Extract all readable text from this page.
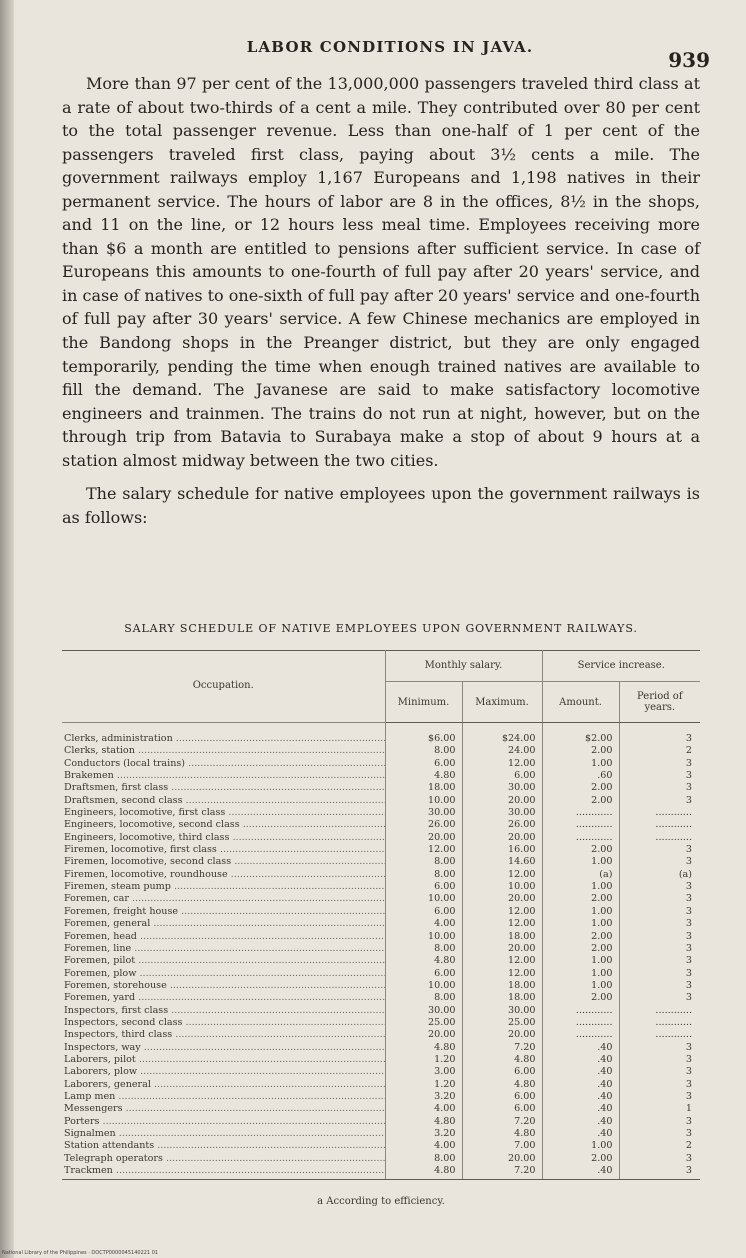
LABOR CONDITIONS IN JAVA.
939

More than 97 per cent of the 13,000,000 passengers traveled third class at a rate of about two-thirds of a cent a mile. They contributed over 80 per cent to the total passenger revenue. Less than one-half of 1 per cent of the passengers traveled first class, paying about 3½ cents a mile. The government railways employ 1,167 Europeans and 1,198 natives in their permanent service. The hours of labor are 8 in the offices, 8½ in the shops, and 11 on the line, or 12 hours less meal time. Employees receiving more than $6 a month are entitled to pensions after sufficient service. In case of Europeans this amounts to one-fourth of full pay after 20 years' service, and in case of natives to one-sixth of full pay after 20 years' service and one-fourth of full pay after 30 years' service. A few Chinese mechanics are employed in the Bandong shops in the Preanger district, but they are only engaged temporarily, pending the time when enough trained natives are available to fill the demand. The Javanese are said to make satisfactory locomotive engineers and trainmen. The trains do not run at night, however, but on the through trip from Batavia to Surabaya make a stop of about 9 hours at a station almost midway between the two cities.

The salary schedule for native employees upon the government railways is as follows:

SALARY SCHEDULE OF NATIVE EMPLOYEES UPON GOVERNMENT RAILWAYS.
Occupation.	Monthly salary.		Service increase.	
	Minimum.	Maximum.	Amount.	Period of years.
Clerks, administration .....	$6.00	$24.00	$2.00	3
Clerks, station .....	8.00	24.00	2.00	2
Conductors (local trains) .....	6.00	12.00	1.00	3
Brakemen .....	4.80	6.00	.60	3
Draftsmen, first class .....	18.00	30.00	2.00	3
Draftsmen, second class .....	10.00	20.00	2.00	3
Engineers, locomotive, first class .....	30.00	30.00	............	............
Engineers, locomotive, second class .....	26.00	26.00	............	............
Engineers, locomotive, third class .....	20.00	20.00	............	............
Firemen, locomotive, first class .....	12.00	16.00	2.00	3
Firemen, locomotive, second class .....	8.00	14.60	1.00	3
Firemen, locomotive, roundhouse .....	8.00	12.00	(a)	(a)
Firemen, steam pump .....	6.00	10.00	1.00	3
Foremen, car .....	10.00	20.00	2.00	3
Foremen, freight house .....	6.00	12.00	1.00	3
Foremen, general .....	4.00	12.00	1.00	3
Foremen, head .....	10.00	18.00	2.00	3
Foremen, line .....	8.00	20.00	2.00	3
Foremen, pilot .....	4.80	12.00	1.00	3
Foremen, plow .....	6.00	12.00	1.00	3
Foremen, storehouse .....	10.00	18.00	1.00	3
Foremen, yard .....	8.00	18.00	2.00	3
Inspectors, first class .....	30.00	30.00	............	............
Inspectors, second class .....	25.00	25.00	............	............
Inspectors, third class .....	20.00	20.00	............	............
Inspectors, way .....	4.80	7.20	.40	3
Laborers, pilot .....	1.20	4.80	.40	3
Laborers, plow .....	3.00	6.00	.40	3
Laborers, general .....	1.20	4.80	.40	3
Lamp men .....	3.20	6.00	.40	3
Messengers .....	4.00	6.00	.40	1
Porters .....	4.80	7.20	.40	3
Signalmen .....	3.20	4.80	.40	3
Station attendants .....	4.00	7.00	1.00	2
Telegraph operators .....	8.00	20.00	2.00	3
Trackmen .....	4.80	7.20	.40	3
a According to efficiency.
National Library of the Philippines · DOCTP0000045140221 01
